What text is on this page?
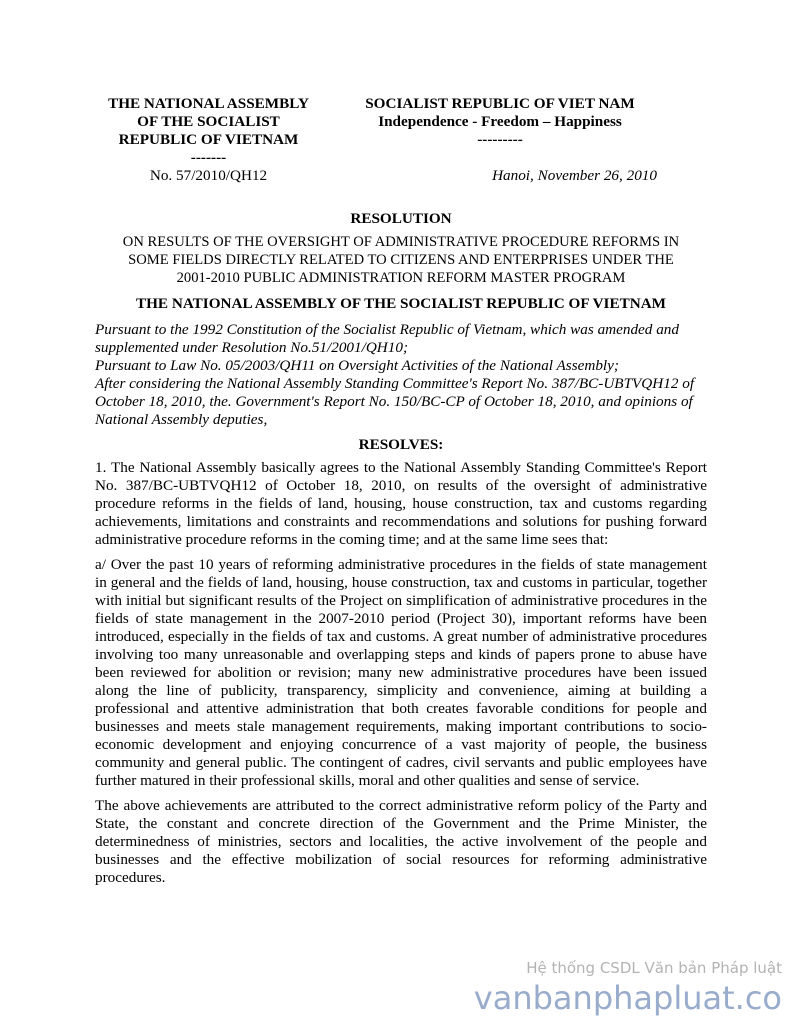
THE NATIONAL ASSEMBLY
OF THE SOCIALIST
REPUBLIC OF VIETNAM
-------
SOCIALIST REPUBLIC OF VIET NAM
Independence - Freedom – Happiness
---------
No. 57/2010/QH12	Hanoi, November 26, 2010
RESOLUTION
ON RESULTS OF THE OVERSIGHT OF ADMINISTRATIVE PROCEDURE REFORMS IN
SOME FIELDS DIRECTLY RELATED TO CITIZENS AND ENTERPRISES UNDER THE
2001-2010 PUBLIC ADMINISTRATION REFORM MASTER PROGRAM
THE NATIONAL ASSEMBLY OF THE SOCIALIST REPUBLIC OF VIETNAM
Pursuant to the 1992 Constitution of the Socialist Republic of Vietnam, which was amended and supplemented under Resolution No.51/2001/QH10;
Pursuant to Law No. 05/2003/QH11 on Oversight Activities of the National Assembly;
After considering the National Assembly Standing Committee's Report No. 387/BC-UBTVQH12 of October 18, 2010, the. Government's Report No. 150/BC-CP of October 18, 2010, and opinions of National Assembly deputies,
RESOLVES:
1. The National Assembly basically agrees to the National Assembly Standing Committee's Report No. 387/BC-UBTVQH12 of October 18, 2010, on results of the oversight of administrative procedure reforms in the fields of land, housing, house construction, tax and customs regarding achievements, limitations and constraints and recommendations and solutions for pushing forward administrative procedure reforms in the coming time; and at the same lime sees that:
a/ Over the past 10 years of reforming administrative procedures in the fields of state management in general and the fields of land, housing, house construction, tax and customs in particular, together with initial but significant results of the Project on simplification of administrative procedures in the fields of state management in the 2007-2010 period (Project 30), important reforms have been introduced, especially in the fields of tax and customs. A great number of administrative procedures involving too many unreasonable and overlapping steps and kinds of papers prone to abuse have been reviewed for abolition or revision; many new administrative procedures have been issued along the line of publicity, transparency, simplicity and convenience, aiming at building a professional and attentive administration that both creates favorable conditions for people and businesses and meets stale management requirements, making important contributions to socio-economic development and enjoying concurrence of a vast majority of people, the business community and general public. The contingent of cadres, civil servants and public employees have further matured in their professional skills, moral and other qualities and sense of service.
The above achievements are attributed to the correct administrative reform policy of the Party and State, the constant and concrete direction of the Government and the Prime Minister, the determinedness of ministries, sectors and localities, the active involvement of the people and businesses and the effective mobilization of social resources for reforming administrative procedures.
Hệ thống CSDL Văn bản Pháp luật
vanbanphapluat.co
